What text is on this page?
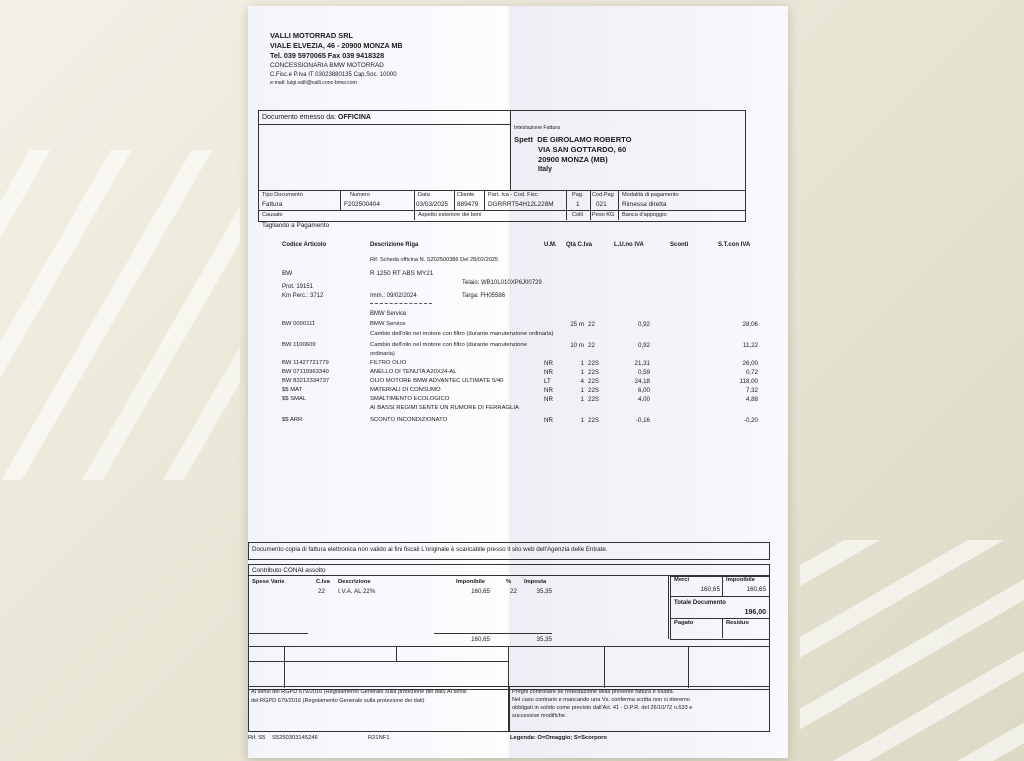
VALLI MOTORRAD SRL
VIALE ELVEZIA, 46 - 20900 MONZA MB
Tel. 039 5970065 Fax 039 9418328
CONCESSIONARIA BMW MOTORRAD
C.Fisc.e P.Iva IT 03023880135 Cap.Soc. 10000
e-mail: luigi.valli@valli.conc-bmw.com
Documento emesso da: OFFICINA
Intestazione Fattura
Spett DE GIROLAMO ROBERTO
VIA SAN GOTTARDO, 60
20900 MONZA (MB)
Italy
Tipo Documento
Fattura
Numero
F202500404
Data
03/03/2025
Cliente
889479
Part. Iva - Cod. Fisc.
DGRRRT54H12L228M
Pag.
1
Cod.Pag
021
Modalità di pagamento
Rimessa diretta
Causale
Tagliando a Pagamento
Aspetto esteriore dei beni	Colli Peso KG Banca d'appoggio
Codice Articolo	Descrizione Riga	U.M. Qtà C.Iva	L.U.no IVA	Sconti	S.T.con IVA
Rif. Scheda officina N. S202500386 Del 28/02/2025
BW	R 1250 RT ABS MY21
Telaio: WB10L010XP6J00729
Prot. 19151
Km Perc.: 3712	Imm.: 09/02/2024	Targa: FH05586
BMW Service
BW 0000111	BMW Service	25 m 22	0,92	28,06
Cambio dell'olio nel motore con filtro (durante manutenzione ordinaria)
BW 1100609	Cambio dell'olio nel motore con filtro (durante manutenzione	10 m 22	0,92	11,22
ordinaria)
BW 11427721779	FILTRO OLIO	NR	1 22S	21,31	26,00
BW 07119963340	ANELLO DI TENUTA A20X24-AL	NR	1 22S	0,59	0,72
BW 83212334737	OLIO MOTORE BMW ADVANTEC ULTIMATE 5/40	LT	4 22S	24,18	118,00
$$ MAT	MATERIALI DI CONSUMO	NR	1 22S	6,00	7,32
$$ SMAL	SMALTIMENTO ECOLOGICO	NR	1 22S	4,00	4,88
AI BASSI REGIMI SENTE UN RUMORE DI FERRAGLIA
$$ ARR	SCONTO INCONDIZIONATO	NR	1 22S	-0,16	-0,20
Documento copia di fattura elettronica non valido ai fini fiscali L'originale è scaricabile presso il sito web dell'Agenzia delle Entrate.
Contributo CONAI assolto
Spese Varie	C.Iva Descrizione	Imponibile	% Imposta
22 I.V.A. AL 22%	160,65	22	35,35
160,65	35,35
Merci
160,65
Imponibile
160,65
Totale Documento
196,00
Pagato	Residuo
Ai sensi del RGPD 679/2016 (Regolamento Generale sulla protezione dei dati) Ai sensi
del RGPD 679/2016 (Regolamento Generale sulla protezione dei dati)
Preghi controllare se l'intestazione della presente fattura è esatta.
Nel caso contrario e mancando una Vs. conferma scritta non ci riteremo
obbligati in solido come previsto dall'Art. 41 - D.P.R. del 26/10/72 n.633 e
successive modifiche.
Rif. S5 S5250303145246	R21NF1	Legenda: O=Omaggio; S=Scorporo
